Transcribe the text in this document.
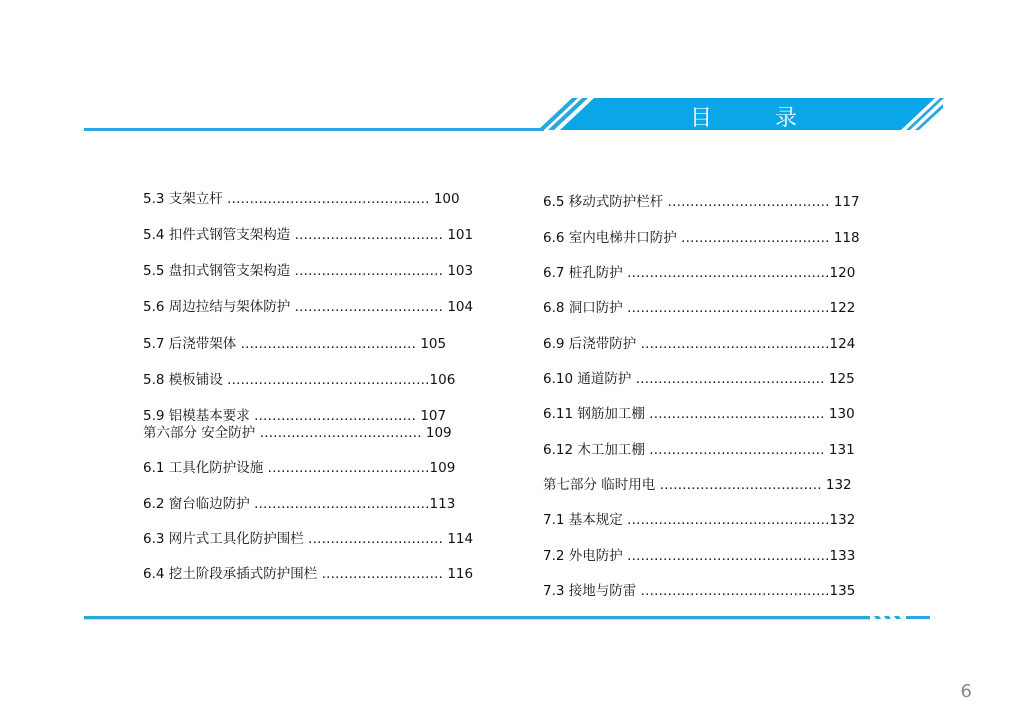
目 录
5.3 支架立杆 ……………………………………… 100
5.4 扣件式钢管支架构造 …………………………… 101
5.5 盘扣式钢管支架构造 …………………………… 103
5.6 周边拉结与架体防护 …………………………… 104
5.7 后浇带架体 ………………………………… 105
5.8 模板铺设 ………………………………………106
5.9 铝模基本要求 ……………………………… 107
第六部分 安全防护 ……………………………… 109
6.1 工具化防护设施 ………………………………109
6.2 窗台临边防护 …………………………………113
6.3 网片式工具化防护围栏 ………………………… 114
6.4 挖土阶段承插式防护围栏 ……………………… 116
6.5 移动式防护栏杆 ……………………………… 117
6.6 室内电梯井口防护 …………………………… 118
6.7 桩孔防护 ………………………………………120
6.8 洞口防护 ………………………………………122
6.9 后浇带防护 ……………………………………124
6.10 通道防护 …………………………………… 125
6.11 钢筋加工棚 ………………………………… 130
6.12 木工加工棚 ………………………………… 131
第七部分 临时用电 ……………………………… 132
7.1 基本规定 ………………………………………132
7.2 外电防护 ………………………………………133
7.3 接地与防雷 ……………………………………135
6
